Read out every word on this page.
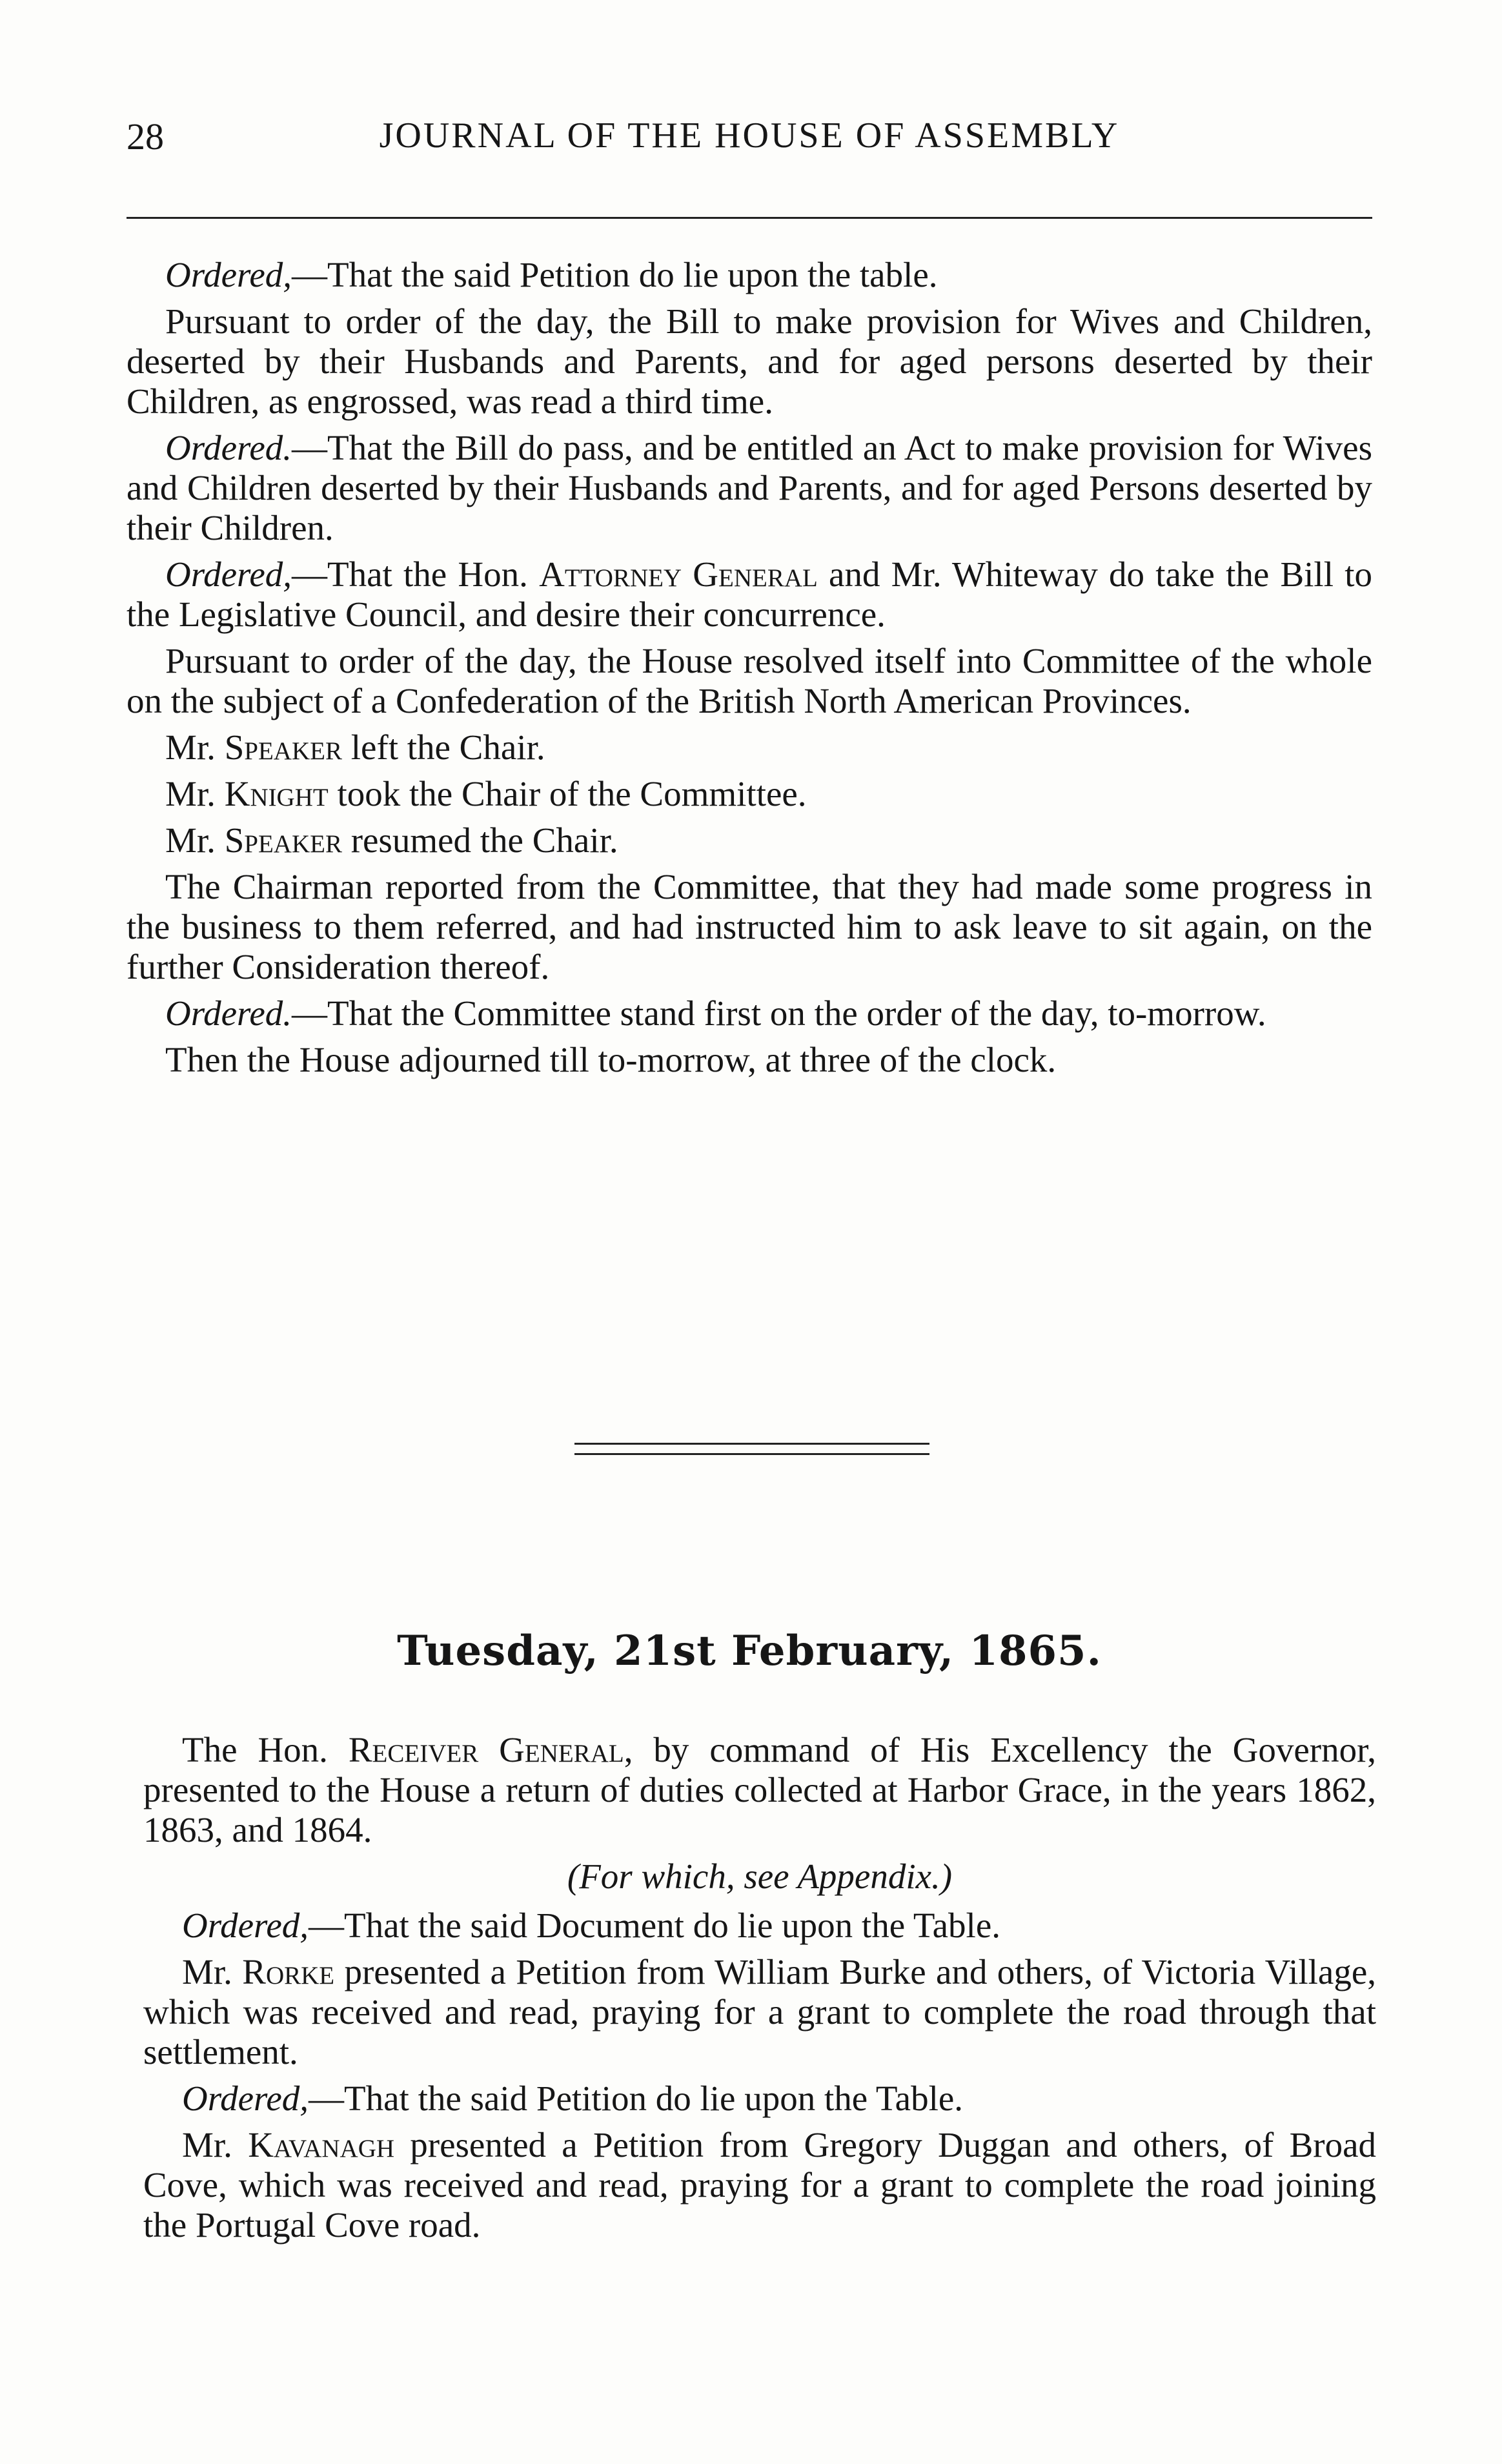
28	JOURNAL OF THE HOUSE OF ASSEMBLY

Ordered,—That the said Petition do lie upon the table.

Pursuant to order of the day, the Bill to make provision for Wives and Children, deserted by their Husbands and Parents, and for aged persons deserted by their Children, as engrossed, was read a third time.

Ordered.—That the Bill do pass, and be entitled an Act to make provision for Wives and Children deserted by their Husbands and Parents, and for aged Persons deserted by their Children.

Ordered,—That the Hon. Attorney General and Mr. Whiteway do take the Bill to the Legislative Council, and desire their concurrence.

Pursuant to order of the day, the House resolved itself into Committee of the whole on the subject of a Confederation of the British North American Provinces.

Mr. Speaker left the Chair.

Mr. Knight took the Chair of the Committee.

Mr. Speaker resumed the Chair.

The Chairman reported from the Committee, that they had made some progress in the business to them referred, and had instructed him to ask leave to sit again, on the further Consideration thereof.

Ordered.—That the Committee stand first on the order of the day, to-morrow.

Then the House adjourned till to-morrow, at three of the clock.

Tuesday, 21st February, 1865.

The Hon. Receiver General, by command of His Excellency the Governor, presented to the House a return of duties collected at Harbor Grace, in the years 1862, 1863, and 1864.

(For which, see Appendix.)

Ordered,—That the said Document do lie upon the Table.

Mr. Rorke presented a Petition from William Burke and others, of Victoria Village, which was received and read, praying for a grant to complete the road through that settlement.

Ordered,—That the said Petition do lie upon the Table.

Mr. Kavanagh presented a Petition from Gregory Duggan and others, of Broad Cove, which was received and read, praying for a grant to complete the road joining the Portugal Cove road.
